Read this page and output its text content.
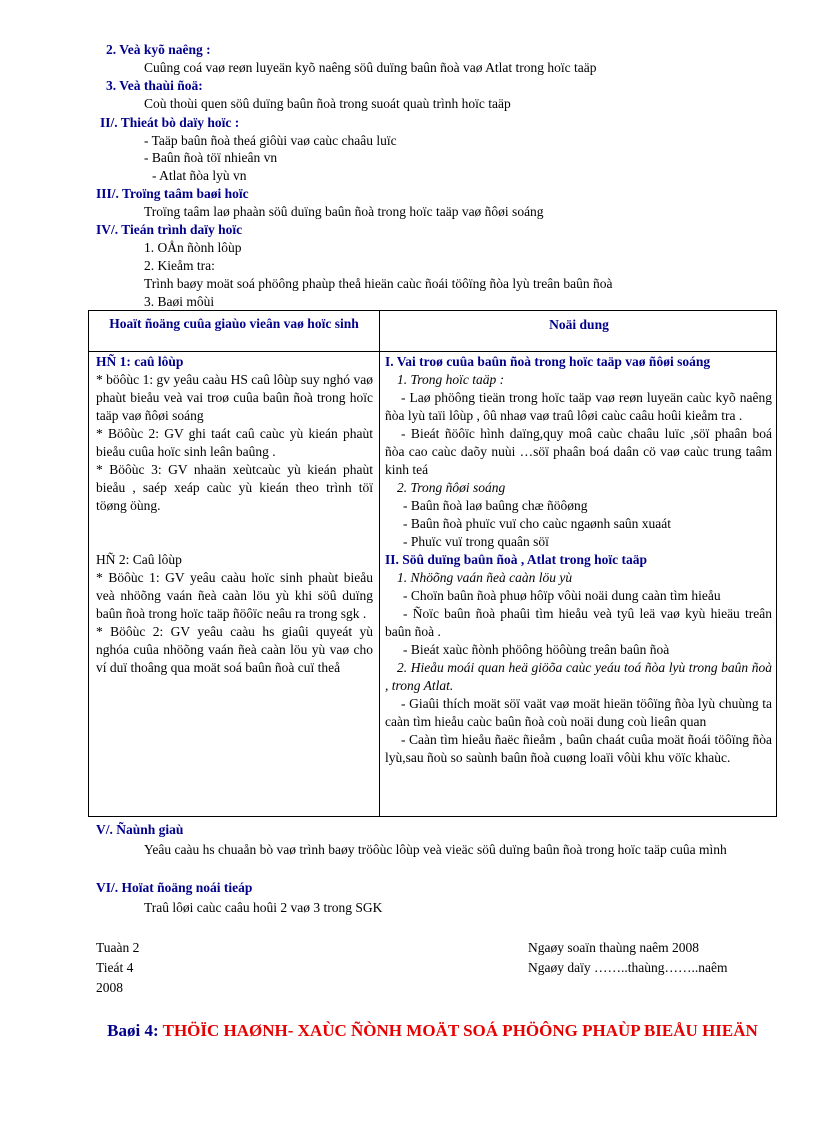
2. Veà kyõ naêng :
Cuûng coá vaø reøn luyeän kyõ naêng söû duïng baûn ñoà vaø Atlat trong hoïc taäp
3. Veà thaùi ñoä:
Coù thoùi quen söû duïng baûn ñoà trong suoát quaù trình hoïc taäp
II/. Thieát bò daïy hoïc :
- Taäp baûn ñoà theá giôùi vaø caùc chaâu luïc
- Baûn ñoà töï nhieân vn
- Atlat ñòa lyù vn
III/. Troïng taâm baøi hoïc
Troïng taâm laø phaàn söû duïng baûn ñoà trong hoïc taäp vaø ñôøi soáng
IV/. Tieán trình daïy hoïc
1. OÅn ñònh lôùp
2. Kieåm tra:
Trình baøy moät soá phöông phaùp theå hieän caùc ñoái töôïng ñòa lyù treân baûn ñoà
3. Baøi môùi
Hoaït ñoäng cuûa giaùo vieân vaø hoïc sinh	Noäi dung

HÑ 1: caû lôùp

* böôùc 1: gv yeâu caàu HS caû lôùp suy nghó vaø phaùt bieåu veà vai troø cuûa baûn ñoà trong hoïc taäp vaø ñôøi soáng

* Böôùc 2: GV ghi taát caû caùc yù kieán phaùt bieåu cuûa hoïc sinh leân baûng .

* Böôùc 3: GV nhaän xeùtcaùc yù kieán phaùt bieåu , saép xeáp caùc yù kieán theo trình töï töøng öùng.

HÑ 2: Caû lôùp

* Böôùc 1: GV yeâu caàu hoïc sinh phaùt bieåu veà nhöõng vaán ñeà caàn löu yù khi söû duïng baûn ñoà trong hoïc taäp ñöôïc neâu ra trong sgk .

* Böôùc 2: GV yeâu caàu hs giaûi quyeát yù nghóa cuûa nhöõng vaán ñeà caàn löu yù vaø cho ví duï thoâng qua moät soá baûn ñoà cuï theå

I. Vai troø cuûa baûn ñoà trong hoïc taäp vaø ñôøi soáng

1. Trong hoïc taäp :

- Laø phöông tieän trong hoïc taäp vaø reøn luyeän caùc kyõ naêng ñòa lyù taïi lôùp , ôû nhaø vaø traû lôøi caùc caâu hoûi kieåm tra .

- Bieát ñöôïc hình daïng,quy moâ caùc chaâu luïc ,söï phaân boá ñòa cao caùc daõy nuùi …söï phaân boá daân cö vaø caùc trung taâm kinh teá

2. Trong ñôøi soáng

- Baûn ñoà laø baûng chæ ñöôøng

- Baûn ñoà phuïc vuï cho caùc ngaønh saûn xuaát

- Phuïc vuï trong quaân söï

II. Söû duïng baûn ñoà , Atlat trong hoïc taäp

1. Nhöõng vaán ñeà caàn löu yù

- Choïn baûn ñoà phuø hôïp vôùi noäi dung caàn tìm hieåu

- Ñoïc baûn ñoà phaûi tìm hieåu veà tyû leä vaø kyù hieäu treân baûn ñoà .

- Bieát xaùc ñònh phöông höôùng treân baûn ñoà

2. Hieåu moái quan heä giöõa caùc yeáu toá ñòa lyù trong baûn ñoà , trong Atlat.

- Giaûi thích moät söï vaät vaø moät hieän töôïng ñòa lyù chuùng ta caàn tìm hieåu caùc baûn ñoà coù noäi dung coù lieân quan

- Caàn tìm hieåu ñaëc ñieåm , baûn chaát cuûa moät ñoái töôïng ñòa lyù,sau ñoù so saùnh baûn ñoà cuøng loaïi vôùi khu vöïc khaùc.

V/. Ñaùnh giaù
Yeâu caàu hs chuaån bò vaø trình baøy tröôùc lôùp veà vieäc söû duïng baûn ñoà trong hoïc taäp cuûa mình
VI/. Hoïat ñoäng noái tieáp
Traû lôøi caùc caâu hoûi 2 vaø 3 trong SGK
Tuaàn 2
Tieát 4
2008
Ngaøy soaïn thaùng naêm 2008
Ngaøy daïy ……..thaùng……..naêm
Baøi 4: THÖÏC HAØNH- XAÙC ÑÒNH MOÄT SOÁ PHÖÔNG PHAÙP BIEÅU HIEÄN
